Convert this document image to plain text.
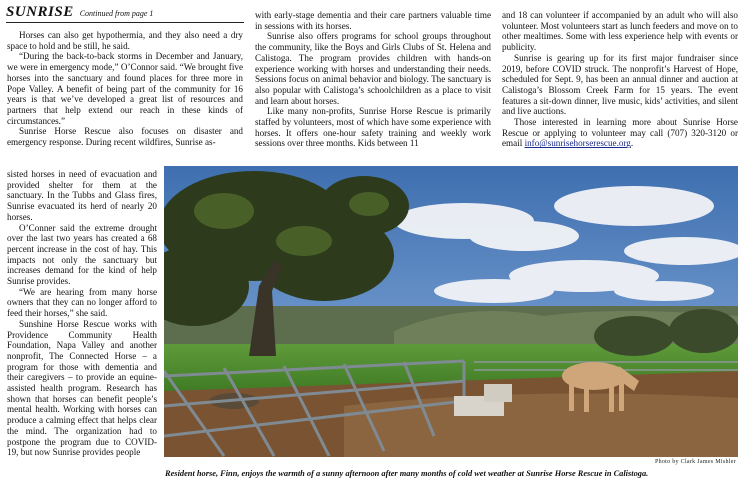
SUNRISE Continued from page 1

Horses can also get hypothermia, and they also need a dry space to hold and be still, he said.

“During the back-to-back storms in December and January, we were in emergency mode,” O’Connor said. “We brought five horses into the sanctuary and found places for three more in Pope Valley. A benefit of being part of the community for 16 years is that we’ve developed a great list of resources and partners that help extend our reach in these kinds of circumstances.”

Sunrise Horse Rescue also focuses on disaster and emergency response. During recent wildfires, Sunrise as-

sisted horses in need of evacuation and provided shelter for them at the sanctuary. In the Tubbs and Glass fires, Sunrise evacuated its herd of nearly 20 horses.

O’Conner said the extreme drought over the last two years has created a 68 percent increase in the cost of hay. This impacts not only the sanctuary but increases demand for the kind of help Sunrise provides.

“We are hearing from many horse owners that they can no longer afford to feed their horses,” she said.

Sunshine Horse Rescue works with Providence Community Health Foundation, Napa Valley and another nonprofit, The Connected Horse – a program for those with dementia and their caregivers – to provide an equine-assisted health program. Research has shown that horses can benefit people’s mental health. Working with horses can produce a calming effect that helps clear the mind. The organization had to postpone the program due to COVID-19, but now Sunrise provides people

with early-stage dementia and their care partners valuable time in sessions with its horses.

Sunrise also offers programs for school groups throughout the community, like the Boys and Girls Clubs of St. Helena and Calistoga. The program provides children with hands-on experience working with horses and understanding their needs. Sessions focus on animal behavior and biology. The sanctuary is also popular with Calistoga’s schoolchildren as a place to visit and learn about horses.

Like many non-profits, Sunrise Horse Rescue is primarily staffed by volunteers, most of which have some experience with horses. It offers one-hour safety training and weekly work sessions over three months. Kids between 11

and 18 can volunteer if accompanied by an adult who will also volunteer. Most volunteers start as lunch feeders and move on to other mealtimes. Some with less experience help with events or publicity.

Sunrise is gearing up for its first major fundraiser since 2019, before COVID struck. The nonprofit’s Harvest of Hope, scheduled for Sept. 9, has been an annual dinner and auction at Calistoga’s Blossom Creek Farm for 15 years. The event features a sit-down dinner, live music, kids’ activities, and silent and live auctions.

Those interested in learning more about Sunrise Horse Rescue or applying to volunteer may call (707) 320-3120 or email info@sunrisehorserescue.org.

Photo by Clark James Mishler
Resident horse, Finn, enjoys the warmth of a sunny afternoon after many months of cold wet weather at Sunrise Horse Rescue in Calistoga.
